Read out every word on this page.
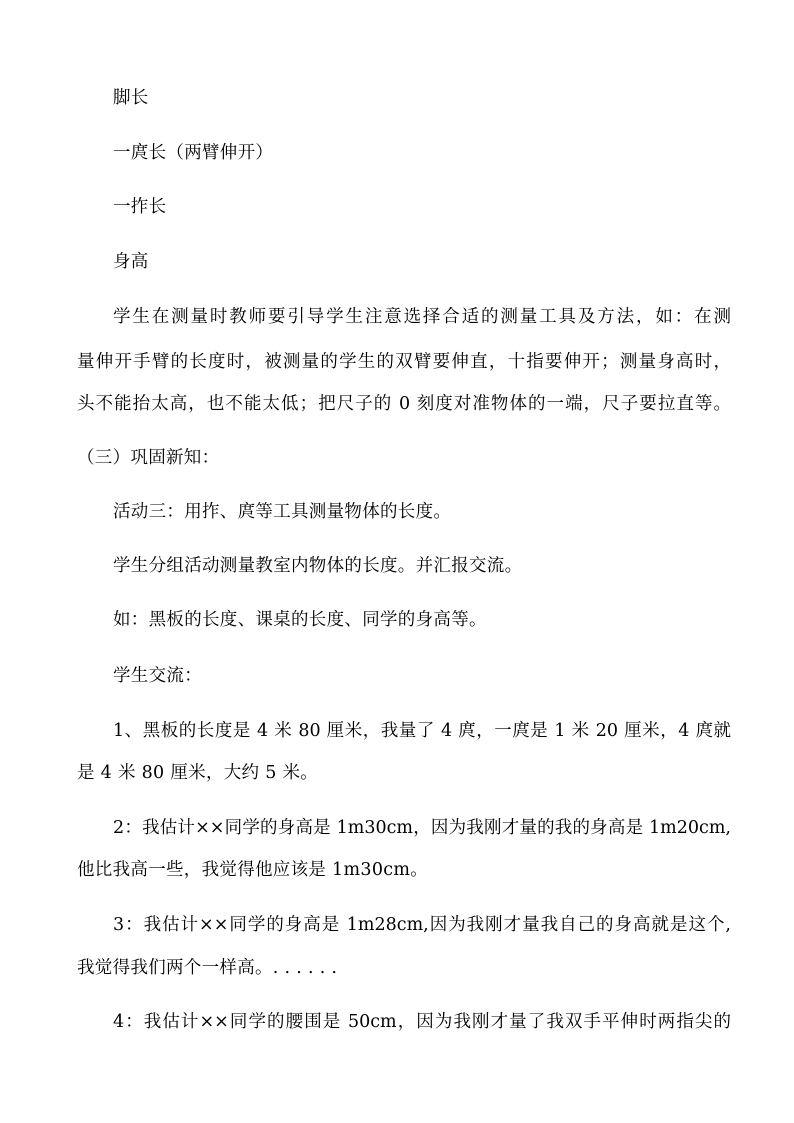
脚长
一庹长（两臂伸开）
一拃长
身高
学生在测量时教师要引导学生注意选择合适的测量工具及方法，如：在测
量伸开手臂的长度时，被测量的学生的双臂要伸直，十指要伸开；测量身高时，
头不能抬太高，也不能太低；把尺子的 0 刻度对准物体的一端，尺子要拉直等。
（三）巩固新知：
活动三：用拃、庹等工具测量物体的长度。
学生分组活动测量教室内物体的长度。并汇报交流。
如：黑板的长度、课桌的长度、同学的身高等。
学生交流：
1、黑板的长度是 4 米 80 厘米，我量了 4 庹，一庹是 1 米 20 厘米，4 庹就
是 4 米 80 厘米，大约 5 米。
2：我估计××同学的身高是 1m30cm，因为我刚才量的我的身高是 1m20cm,
他比我高一些，我觉得他应该是 1m30cm。
3：我估计××同学的身高是 1m28cm,因为我刚才量我自己的身高就是这个,
我觉得我们两个一样高。. . . . . .
4：我估计××同学的腰围是 50cm，因为我刚才量了我双手平伸时两指尖的
